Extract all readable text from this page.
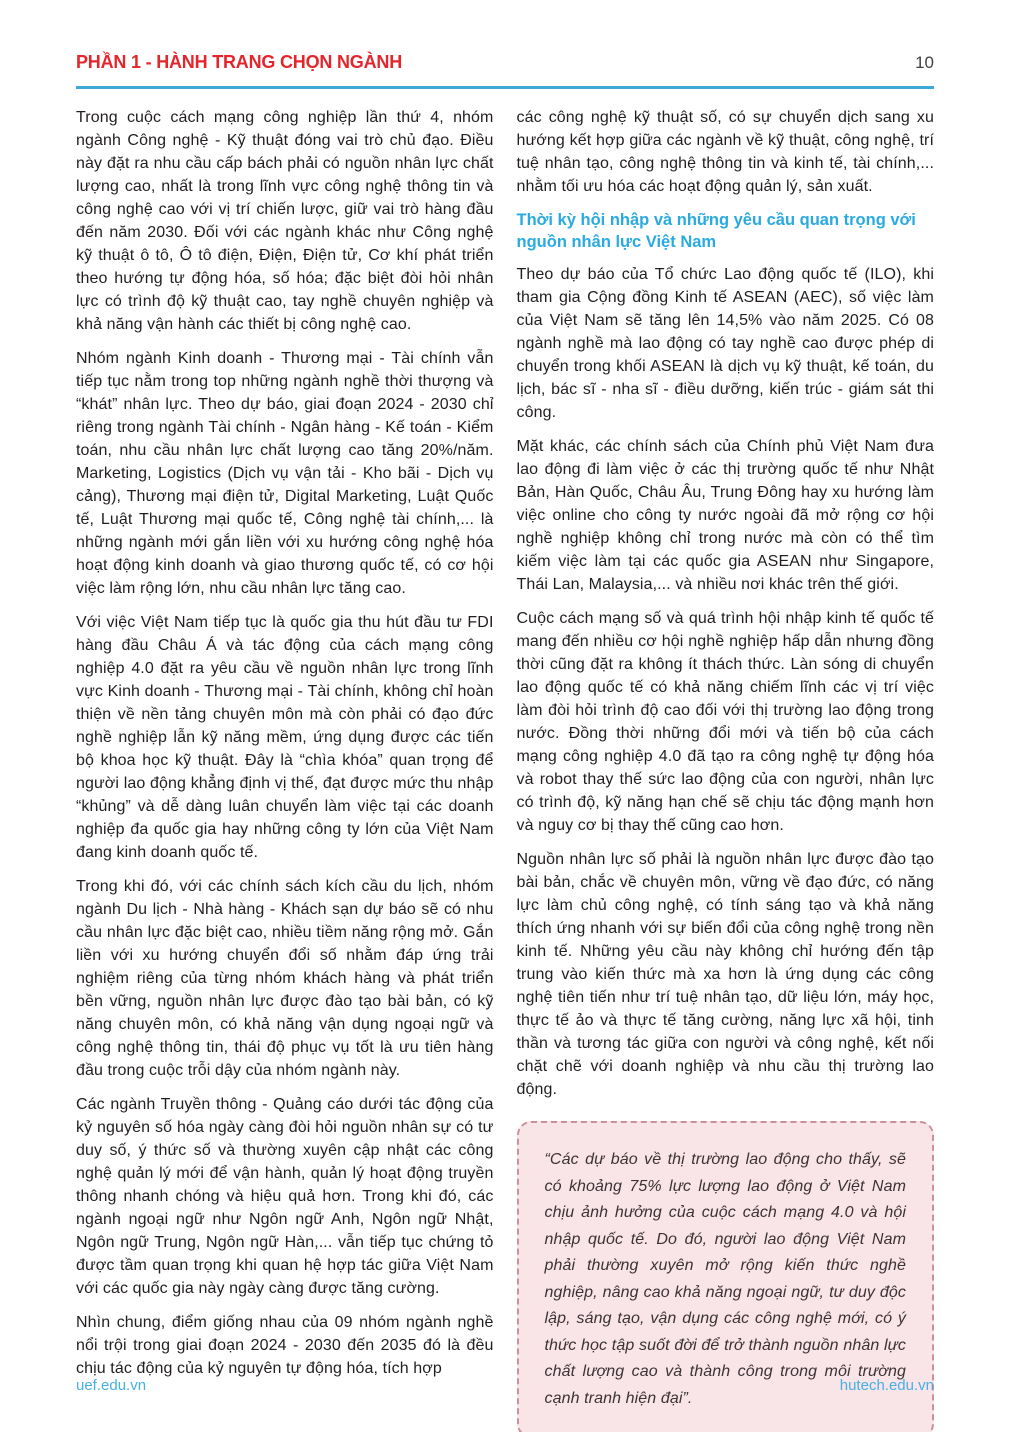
PHẦN 1 - HÀNH TRANG CHỌN NGÀNH	10

Trong cuộc cách mạng công nghiệp lần thứ 4, nhóm ngành Công nghệ - Kỹ thuật đóng vai trò chủ đạo. Điều này đặt ra nhu cầu cấp bách phải có nguồn nhân lực chất lượng cao, nhất là trong lĩnh vực công nghệ thông tin và công nghệ cao với vị trí chiến lược, giữ vai trò hàng đầu đến năm 2030. Đối với các ngành khác như Công nghệ kỹ thuật ô tô, Ô tô điện, Điện, Điện tử, Cơ khí phát triển theo hướng tự động hóa, số hóa; đặc biệt đòi hỏi nhân lực có trình độ kỹ thuật cao, tay nghề chuyên nghiệp và khả năng vận hành các thiết bị công nghệ cao.

Nhóm ngành Kinh doanh - Thương mại - Tài chính vẫn tiếp tục nằm trong top những ngành nghề thời thượng và “khát” nhân lực. Theo dự báo, giai đoạn 2024 - 2030 chỉ riêng trong ngành Tài chính - Ngân hàng - Kế toán - Kiểm toán, nhu cầu nhân lực chất lượng cao tăng 20%/năm. Marketing, Logistics (Dịch vụ vận tải - Kho bãi - Dịch vụ cảng), Thương mại điện tử, Digital Marketing, Luật Quốc tế, Luật Thương mại quốc tế, Công nghệ tài chính,... là những ngành mới gắn liền với xu hướng công nghệ hóa hoạt động kinh doanh và giao thương quốc tế, có cơ hội việc làm rộng lớn, nhu cầu nhân lực tăng cao.

Với việc Việt Nam tiếp tục là quốc gia thu hút đầu tư FDI hàng đầu Châu Á và tác động của cách mạng công nghiệp 4.0 đặt ra yêu cầu về nguồn nhân lực trong lĩnh vực Kinh doanh - Thương mại - Tài chính, không chỉ hoàn thiện về nền tảng chuyên môn mà còn phải có đạo đức nghề nghiệp lẫn kỹ năng mềm, ứng dụng được các tiến bộ khoa học kỹ thuật. Đây là “chìa khóa” quan trọng để người lao động khẳng định vị thế, đạt được mức thu nhập “khủng” và dễ dàng luân chuyển làm việc tại các doanh nghiệp đa quốc gia hay những công ty lớn của Việt Nam đang kinh doanh quốc tế.

Trong khi đó, với các chính sách kích cầu du lịch, nhóm ngành Du lịch - Nhà hàng - Khách sạn dự báo sẽ có nhu cầu nhân lực đặc biệt cao, nhiều tiềm năng rộng mở. Gắn liền với xu hướng chuyển đổi số nhằm đáp ứng trải nghiệm riêng của từng nhóm khách hàng và phát triển bền vững, nguồn nhân lực được đào tạo bài bản, có kỹ năng chuyên môn, có khả năng vận dụng ngoại ngữ và công nghệ thông tin, thái độ phục vụ tốt là ưu tiên hàng đầu trong cuộc trỗi dậy của nhóm ngành này.

Các ngành Truyền thông - Quảng cáo dưới tác động của kỷ nguyên số hóa ngày càng đòi hỏi nguồn nhân sự có tư duy số, ý thức số và thường xuyên cập nhật các công nghệ quản lý mới để vận hành, quản lý hoạt động truyền thông nhanh chóng và hiệu quả hơn. Trong khi đó, các ngành ngoại ngữ như Ngôn ngữ Anh, Ngôn ngữ Nhật, Ngôn ngữ Trung, Ngôn ngữ Hàn,... vẫn tiếp tục chứng tỏ được tầm quan trọng khi quan hệ hợp tác giữa Việt Nam với các quốc gia này ngày càng được tăng cường.

Nhìn chung, điểm giống nhau của 09 nhóm ngành nghề nổi trội trong giai đoạn 2024 - 2030 đến 2035 đó là đều chịu tác động của kỷ nguyên tự động hóa, tích hợp

các công nghệ kỹ thuật số, có sự chuyển dịch sang xu hướng kết hợp giữa các ngành về kỹ thuật, công nghệ, trí tuệ nhân tạo, công nghệ thông tin và kinh tế, tài chính,... nhằm tối ưu hóa các hoạt động quản lý, sản xuất.

Thời kỳ hội nhập và những yêu cầu quan trọng với nguồn nhân lực Việt Nam

Theo dự báo của Tổ chức Lao động quốc tế (ILO), khi tham gia Cộng đồng Kinh tế ASEAN (AEC), số việc làm của Việt Nam sẽ tăng lên 14,5% vào năm 2025. Có 08 ngành nghề mà lao động có tay nghề cao được phép di chuyển trong khối ASEAN là dịch vụ kỹ thuật, kế toán, du lịch, bác sĩ - nha sĩ - điều dưỡng, kiến trúc - giám sát thi công.

Mặt khác, các chính sách của Chính phủ Việt Nam đưa lao động đi làm việc ở các thị trường quốc tế như Nhật Bản, Hàn Quốc, Châu Âu, Trung Đông hay xu hướng làm việc online cho công ty nước ngoài đã mở rộng cơ hội nghề nghiệp không chỉ trong nước mà còn có thể tìm kiếm việc làm tại các quốc gia ASEAN như Singapore, Thái Lan, Malaysia,... và nhiều nơi khác trên thế giới.

Cuộc cách mạng số và quá trình hội nhập kinh tế quốc tế mang đến nhiều cơ hội nghề nghiệp hấp dẫn nhưng đồng thời cũng đặt ra không ít thách thức. Làn sóng di chuyển lao động quốc tế có khả năng chiếm lĩnh các vị trí việc làm đòi hỏi trình độ cao đối với thị trường lao động trong nước. Đồng thời những đổi mới và tiến bộ của cách mạng công nghiệp 4.0 đã tạo ra công nghệ tự động hóa và robot thay thế sức lao động của con người, nhân lực có trình độ, kỹ năng hạn chế sẽ chịu tác động mạnh hơn và nguy cơ bị thay thế cũng cao hơn.

Nguồn nhân lực số phải là nguồn nhân lực được đào tạo bài bản, chắc về chuyên môn, vững về đạo đức, có năng lực làm chủ công nghệ, có tính sáng tạo và khả năng thích ứng nhanh với sự biến đổi của công nghệ trong nền kinh tế. Những yêu cầu này không chỉ hướng đến tập trung vào kiến thức mà xa hơn là ứng dụng các công nghệ tiên tiến như trí tuệ nhân tạo, dữ liệu lớn, máy học, thực tế ảo và thực tế tăng cường, năng lực xã hội, tinh thần và tương tác giữa con người và công nghệ, kết nối chặt chẽ với doanh nghiệp và nhu cầu thị trường lao động.

“Các dự báo về thị trường lao động cho thấy, sẽ có khoảng 75% lực lượng lao động ở Việt Nam chịu ảnh hưởng của cuộc cách mạng 4.0 và hội nhập quốc tế. Do đó, người lao động Việt Nam phải thường xuyên mở rộng kiến thức nghề nghiệp, nâng cao khả năng ngoại ngữ, tư duy độc lập, sáng tạo, vận dụng các công nghệ mới, có ý thức học tập suốt đời để trở thành nguồn nhân lực chất lượng cao và thành công trong môi trường cạnh tranh hiện đại”.

uef.edu.vn	hutech.edu.vn
